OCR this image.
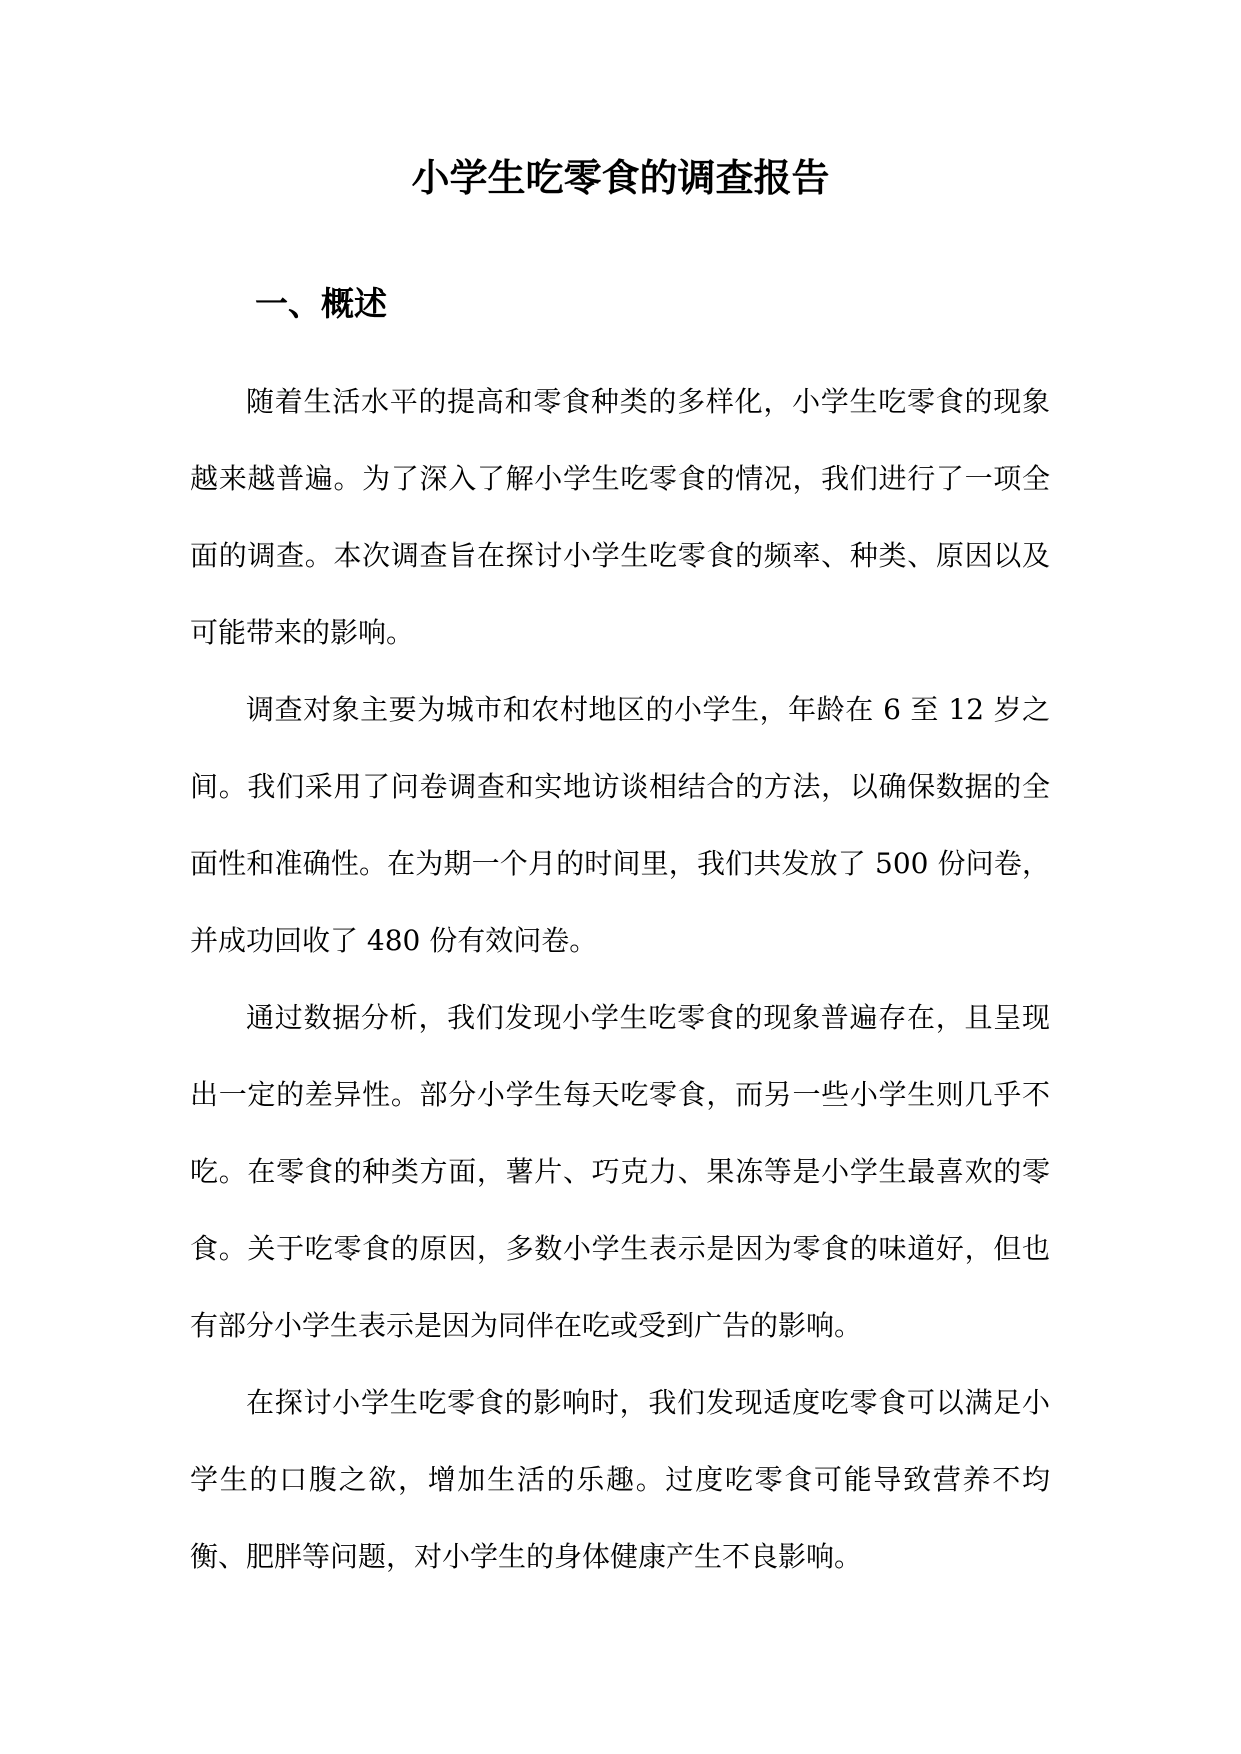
小学生吃零食的调查报告
一、概述

随着生活水平的提高和零食种类的多样化，小学生吃零食的现象越来越普遍。为了深入了解小学生吃零食的情况，我们进行了一项全面的调查。本次调查旨在探讨小学生吃零食的频率、种类、原因以及可能带来的影响。

调查对象主要为城市和农村地区的小学生，年龄在 6 至 12 岁之间。我们采用了问卷调查和实地访谈相结合的方法，以确保数据的全面性和准确性。在为期一个月的时间里，我们共发放了 500 份问卷，并成功回收了 480 份有效问卷。

通过数据分析，我们发现小学生吃零食的现象普遍存在，且呈现出一定的差异性。部分小学生每天吃零食，而另一些小学生则几乎不吃。在零食的种类方面，薯片、巧克力、果冻等是小学生最喜欢的零食。关于吃零食的原因，多数小学生表示是因为零食的味道好，但也有部分小学生表示是因为同伴在吃或受到广告的影响。

在探讨小学生吃零食的影响时，我们发现适度吃零食可以满足小学生的口腹之欲，增加生活的乐趣。过度吃零食可能导致营养不均衡、肥胖等问题，对小学生的身体健康产生不良影响。
